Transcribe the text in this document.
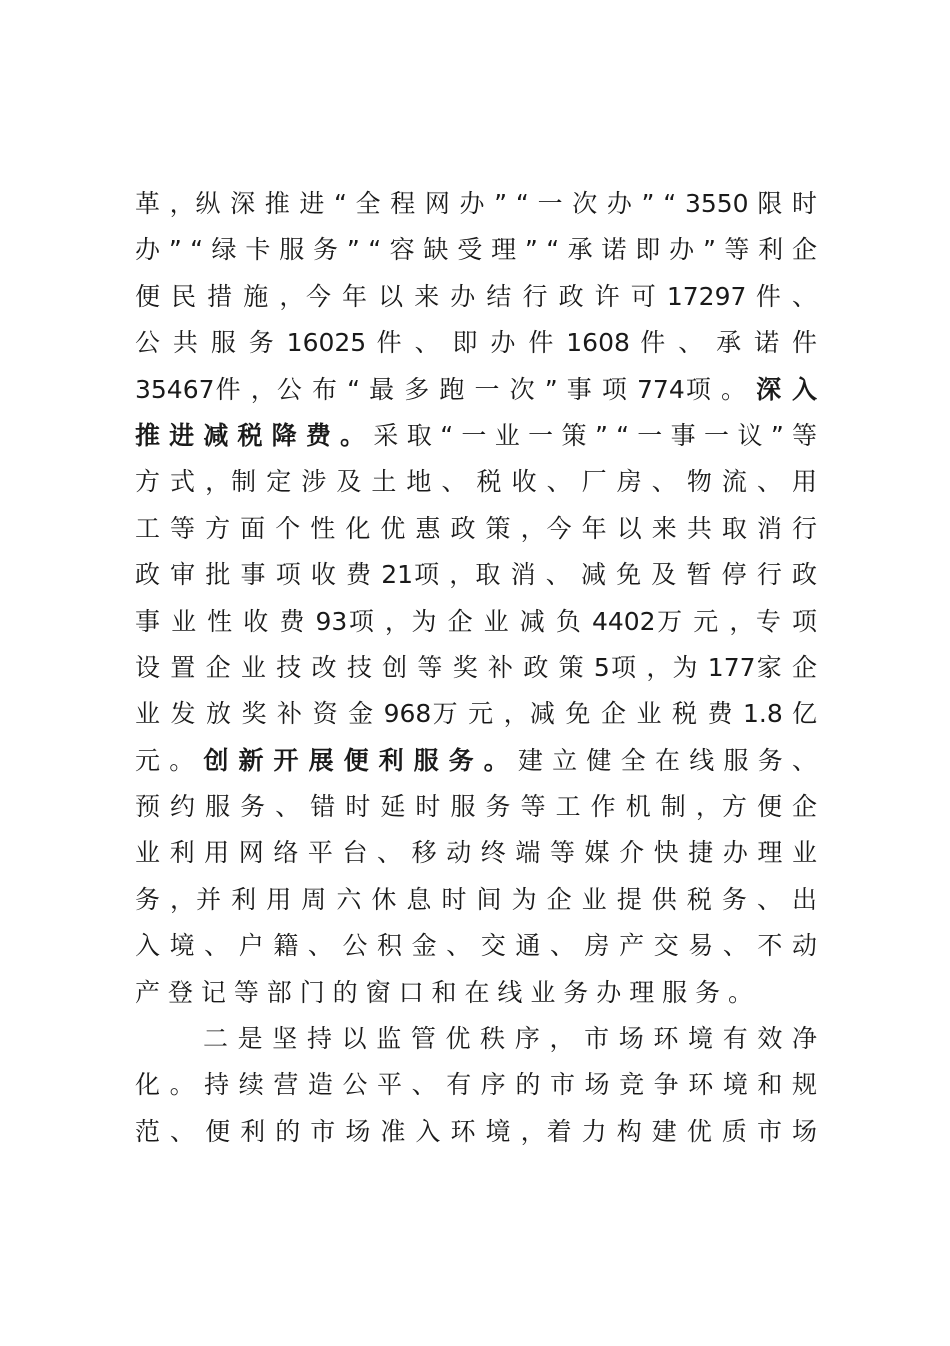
革 ，纵 深 推 进 “ 全 程 网 办 ” “ 一 次 办 ” “ 3550 限 时
办 ” “ 绿 卡 服 务 ” “ 容 缺 受 理 ” “ 承 诺 即 办 ” 等 利 企
便 民 措 施 ，今 年 以 来 办 结 行 政 许 可 17297 件 、
公 共 服 务 16025 件 、 即 办 件 1608 件 、 承 诺 件
35467件 ，公 布 “ 最 多 跑 一 次 ” 事 项 774项 。 深 入
推 进 减 税 降 费 。 采 取 “ 一 业 一 策 ” “ 一 事 一 议 ” 等
方 式 ，制 定 涉 及 土 地 、 税 收 、 厂 房 、 物 流 、 用
工 等 方 面 个 性 化 优 惠 政 策 ，今 年 以 来 共 取 消 行
政 审 批 事 项 收 费 21项 ，取 消 、 减 免 及 暂 停 行 政
事 业 性 收 费 93项 ，为 企 业 减 负 4402万 元 ，专 项
设 置 企 业 技 改 技 创 等 奖 补 政 策 5项 ，为 177家 企
业 发 放 奖 补 资 金 968万 元 ，减 免 企 业 税 费 1.8 亿
元 。 创 新 开 展 便 利 服 务 。 建 立 健 全 在 线 服 务 、
预 约 服 务 、 错 时 延 时 服 务 等 工 作 机 制 ，方 便 企
业 利 用 网 络 平 台 、 移 动 终 端 等 媒 介 快 捷 办 理 业
务 ，并 利 用 周 六 休 息 时 间 为 企 业 提 供 税 务 、 出
入 境 、 户 籍 、 公 积 金 、 交 通 、 房 产 交 易 、 不 动
产 登 记 等 部 门 的 窗 口 和 在 线 业 务 办 理 服 务 。
二 是 坚 持 以 监 管 优 秩 序 ， 市 场 环 境 有 效 净
化 。 持 续 营 造 公 平 、 有 序 的 市 场 竞 争 环 境 和 规
范 、 便 利 的 市 场 准 入 环 境 ，着 力 构 建 优 质 市 场
